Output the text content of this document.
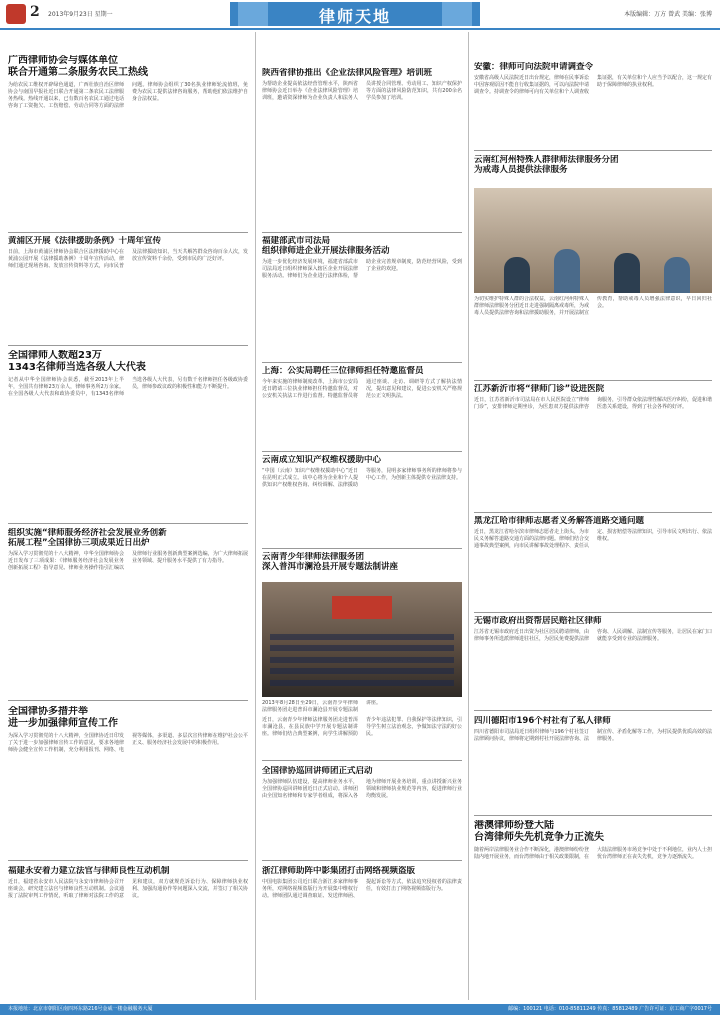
2 2013年9月23日 星期一	律师天地	本版编辑：万方 曾武 美编：张博
广西律师协会与媒体单位
联合开通第二条服务农民工热线
为给农民工维权开辟绿色通道，广西壮族自治区律师协会与南国早报社近日联合开通第二条农民工法律服务热线。热线开通以来，已有数百名农民工通过电话咨询了工资拖欠、工伤赔偿、劳动合同等方面的法律问题。律师协会组织了30名执业律师轮流值班，免费为农民工提供法律咨询服务，帮助他们依法维护自身合法权益。
黄浦区开展《法律援助条例》十周年宣传
日前，上海市黄浦区律师协会联合区法律援助中心在黄浦公园开展《法律援助条例》十周年宣传活动，律师们通过现场咨询、发放宣传资料等方式，向市民普及法律援助知识，当天共解答群众咨询百余人次，发放宣传资料千余份，受到市民的广泛好评。
全国律师人数超23万
1343名律师当选各级人大代表
记者从中华全国律师协会获悉，截至2013年上半年，全国共有律师23万余人，律师事务所2万余家。在全国各级人大代表和政协委员中，有1343名律师当选各级人大代表，另有数千名律师担任各级政协委员，律师参政议政的积极性和能力不断提升。
组织实施“律师服务经济社会发展业务创新
拓展工程”全国律协三项成果近日出炉
为深入学习贯彻党的十八大精神，中华全国律师协会近日发布了三项成果：《律师服务经济社会发展业务创新拓展工程》指导意见、律师业务操作指引汇编以及律师行业服务创新典型案例选编，为广大律师拓展业务领域、提升服务水平提供了有力指导。
全国律协多措并举
进一步加强律师宣传工作
为深入学习贯彻党的十八大精神，全国律协近日印发了关于进一步加强律师宣传工作的意见，要求各地律师协会健全宣传工作机制，充分利用报刊、网络、电视等媒体，多渠道、多层次宣传律师在维护社会公平正义、服务经济社会发展中的积极作用。
福建永安着力建立法官与律师良性互动机制
近日，福建省永安市人民法院与永安市律师协会召开座谈会，研究建立法官与律师良性互动机制。会议通报了法院审判工作情况，听取了律师对法院工作的意见和建议，双方就规范诉讼行为、保障律师执业权利、加强沟通协作等问题深入交流，并签订了相关协议。
陕西省律协推出《企业法律风险管理》培训班
为帮助企业提高依法经营管理水平，陕西省律师协会近日举办《企业法律风险管理》培训班，邀请资深律师为企业负责人和法务人员讲授合同管理、劳动用工、知识产权保护等方面的法律风险防范知识，共有200余名学员参加了培训。
福建部武市司法局
组织律师进企业开展法律服务活动
为进一步优化经济发展环境，福建省部武市司法局近日组织律师深入辖区企业开展法律服务活动。律师们为企业进行法律体检，帮助企业完善规章制度，防范经营风险，受到了企业的欢迎。
上海：公实局聘任三位律师担任特邀监督员
今年来实施的律师制度改革，上海市公安局近日聘请三位执业律师担任特邀监督员，对公安机关执法工作进行监督。特邀监督员将通过座谈、走访、调研等方式了解执法情况，提出意见和建议，促进公安机关严格规范公正文明执法。
云南成立知识产权维权援助中心
“中国（云南）知识产权维权援助中心”近日在昆明正式成立。该中心将为企业和个人提供知识产权维权咨询、纠纷调解、法律援助等服务，昆明多家律师事务所的律师将参与中心工作，为创新主体提供专业法律支持。
云南青少年律师法律服务团
深入普洱市澜沧县开展专题法制讲座
2013年8月28日至29日，云南青少年律师法律服务团走进普洱市澜沧县开展专题法制讲座。
近日，云南青少年律师法律服务团走进普洱市澜沧县，在县民族中学开展专题法制讲座。律师们结合典型案例，向学生讲解预防青少年违法犯罪、自我保护等法律知识，引导学生树立法治观念，争做知法守法的好公民。
全国律协巡回讲师团正式启动
为加强律师队伍建设，提高律师业务水平，全国律协巡回讲师团近日正式启动。讲师团由全国知名律师和专家学者组成，将深入各地为律师开展业务培训，重点讲授新兴业务领域和律师执业规范等内容，促进律师行业均衡发展。
浙江律师助阵中影集团打击网络视频盗版
中国电影集团公司近日联合浙江多家律师事务所，对网络视频盗版行为开展集中维权行动。律师团队通过调查取证、发送律师函、提起诉讼等方式，依法追究侵权者的法律责任，有效打击了网络视频盗版行为。
安徽：律师可向法院申请调查令
安徽省高级人民法院近日出台规定，律师在民事诉讼中因客观原因不能自行收集证据的，可以向法院申请调查令。持调查令的律师可向有关单位和个人调查收集证据，有关单位和个人应当予以配合，这一规定有助于保障律师的执业权利。
云南红河州特殊人群律师法律服务分团
为戒毒人员提供法律服务
为切实维护特殊人群的合法权益，云南红河州特殊人群律师法律服务分团近日走进强制隔离戒毒所，为戒毒人员提供法律咨询和法律援助服务，并开展法制宣传教育，帮助戒毒人员增强法律意识，早日回归社会。
江苏新沂市将“律师门诊”设进医院
近日，江苏省新沂市司法局在市人民医院设立“律师门诊”，安排律师定期坐诊，为医患双方提供法律咨询服务，引导群众依法理性解决医疗纠纷，促进和谐医患关系建设，得到了社会各界的好评。
黑龙江哈市律师志愿者义务解答道路交通问题
近日，黑龙江省哈尔滨市律师志愿者走上街头，为市民义务解答道路交通方面的法律问题。律师们结合交通事故典型案例，向市民讲解事故处理程序、责任认定、损害赔偿等法律知识，引导市民文明出行、依法维权。
无锡市政府出资帮居民赔社区律师
江苏省无锡市政府近日出资为社区居民聘请律师，由律师事务所选派律师进驻社区，为居民免费提供法律咨询、人民调解、法制宣传等服务，让居民在家门口就能享受到专业的法律服务。
四川德阳市196个村社有了私人律师
四川省德阳市司法局近日组织律师与196个村社签订法律顾问协议，律师将定期到村社开展法律咨询、法制宣传、矛盾化解等工作，为村民提供优质高效的法律服务。
港澳律师纷登大陆
台湾律师失先机竞争力正流失
随着两岸法律服务业合作不断深化，港澳律师纷纷登陆内地开展业务，而台湾律师由于相关政策限制，在大陆法律服务市场竞争中处于不利地位，业内人士担忧台湾律师正在丧失先机，竞争力逐渐流失。
本报地址：北京市朝阳区南四环东路216号金威一楼金融服务大厦	邮编：100121 电话：010-85811249 传真：85812489 广告许可证：京工商广字0017号
